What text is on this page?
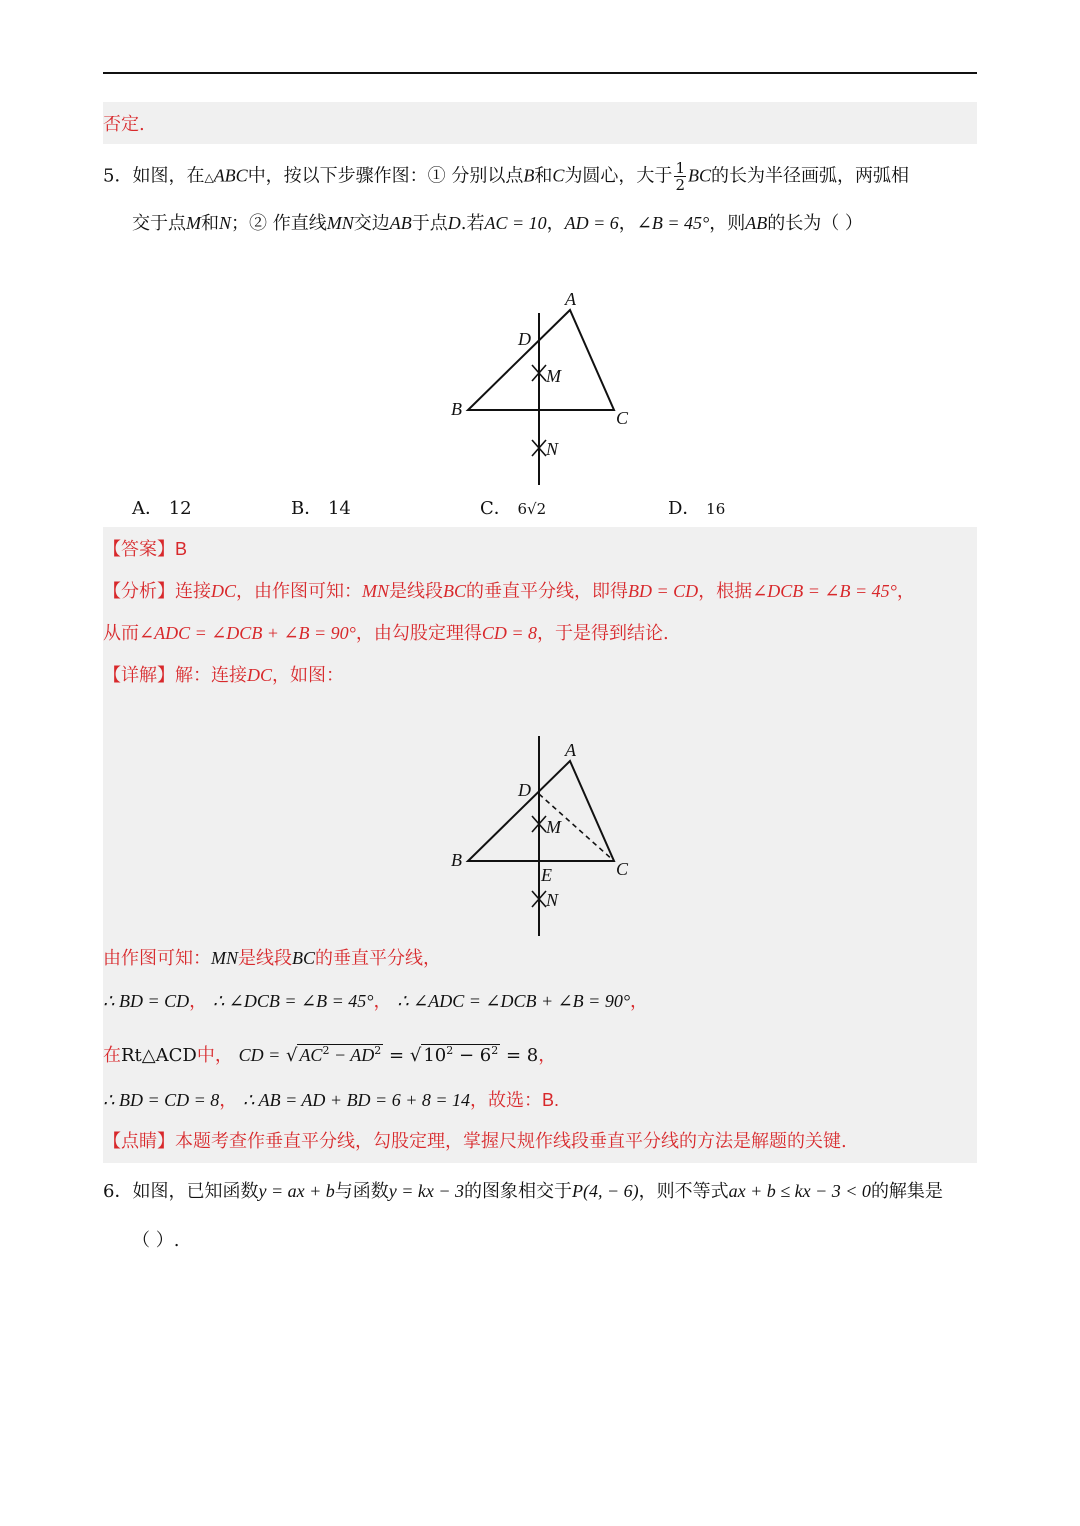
否定.
5．如图，在△ABC中，按以下步骤作图：① 分别以点B和C为圆心，大于 $\frac{1}{2}$ BC的长为半径画弧，两弧相
交于点M和N；② 作直线MN交边AB于点D.若AC = 10，AD = 6，∠B = 45°，则AB的长为（ ）
A
D
M
B	C
N
A． 12	B． 14	C． 6√2	D． 16
【答案】B
【分析】连接DC，由作图可知：MN是线段BC的垂直平分线，即得BD = CD，根据∠DCB = ∠B = 45°，
从而∠ADC = ∠DCB + ∠B = 90°，由勾股定理得CD = 8，于是得到结论.
【详解】解：连接DC，如图：
A
D
M
B	C
E
N
由作图可知：MN是线段BC的垂直平分线，
∴ BD = CD， ∴ ∠DCB = ∠B = 45°， ∴ ∠ADC = ∠DCB + ∠B = 90°，
在Rt△ACD中， CD = √ $AC^2 - AD^2$ = √ $10^2 - 6^2 = 8$，
∴ BD = CD = 8， ∴ AB = AD + BD = 6 + 8 = 14，故选：B.
【点睛】本题考查作垂直平分线，勾股定理，掌握尺规作线段垂直平分线的方法是解题的关键.
6．如图，已知函数y = ax + b与函数y = kx − 3的图象相交于P(4, − 6)，则不等式ax + b ≤ kx − 3 < 0的解集是
（ ）.
